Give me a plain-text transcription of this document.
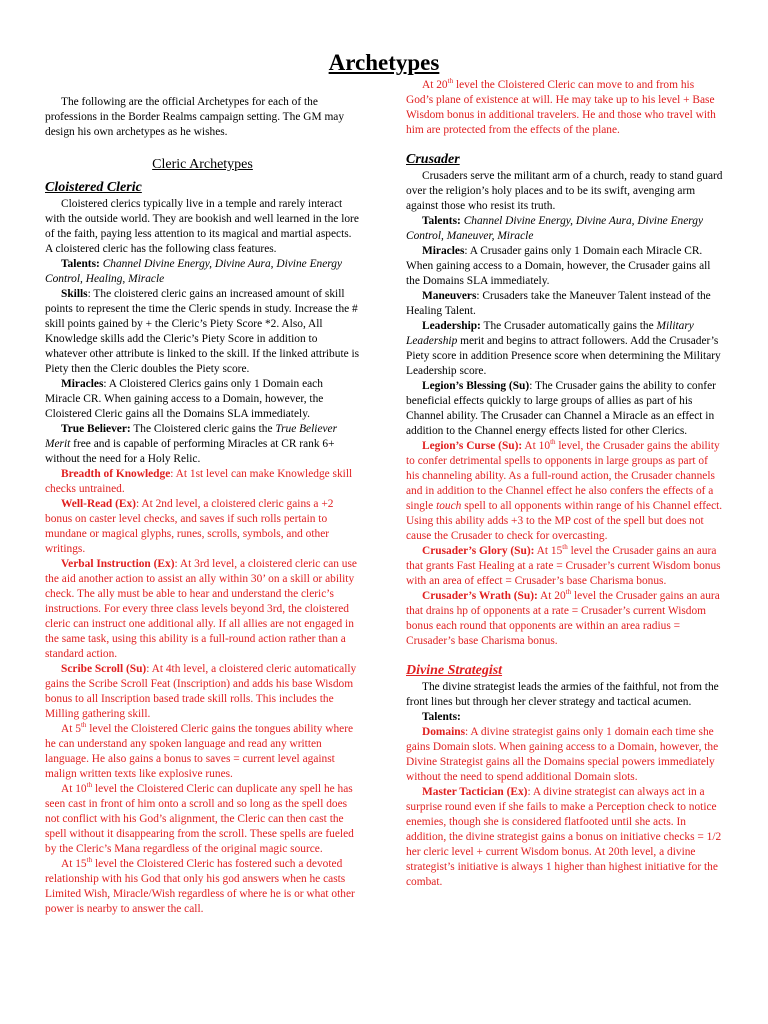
Archetypes

The following are the official Archetypes for each of the professions in the Border Realms campaign setting. The GM may design his own archetypes as he wishes.

Cleric Archetypes
Cloistered Cleric

Cloistered clerics typically live in a temple and rarely interact with the outside world. They are bookish and well learned in the lore of the faith, paying less attention to its magical and martial aspects. A cloistered cleric has the following class features.

Talents: Channel Divine Energy, Divine Aura, Divine Energy Control, Healing, Miracle

Skills: The cloistered cleric gains an increased amount of skill points to represent the time the Cleric spends in study. Increase the # skill points gained by + the Cleric’s Piety Score *2. Also, All Knowledge skills add the Cleric’s Piety Score in addition to whatever other attribute is linked to the skill. If the linked attribute is Piety then the Cleric doubles the Piety score.

Miracles: A Cloistered Clerics gains only 1 Domain each Miracle CR. When gaining access to a Domain, however, the Cloistered Cleric gains all the Domains SLA immediately.

True Believer: The Cloistered cleric gains the True Believer Merit free and is capable of performing Miracles at CR rank 6+ without the need for a Holy Relic.

Breadth of Knowledge: At 1st level can make Knowledge skill checks untrained.

Well-Read (Ex): At 2nd level, a cloistered cleric gains a +2 bonus on caster level checks, and saves if such rolls pertain to mundane or magical glyphs, runes, scrolls, symbols, and other writings.

Verbal Instruction (Ex): At 3rd level, a cloistered cleric can use the aid another action to assist an ally within 30’ on a skill or ability check. The ally must be able to hear and understand the cleric’s instructions. For every three class levels beyond 3rd, the cloistered cleric can instruct one additional ally. If all allies are not engaged in the same task, using this ability is a full-round action rather than a standard action.

Scribe Scroll (Su): At 4th level, a cloistered cleric automatically gains the Scribe Scroll Feat (Inscription) and adds his base Wisdom bonus to all Inscription based trade skill rolls. This includes the Milling gathering skill.

At 5th level the Cloistered Cleric gains the tongues ability where he can understand any spoken language and read any written language. He also gains a bonus to saves = current level against malign written texts like explosive runes.

At 10th level the Cloistered Cleric can duplicate any spell he has seen cast in front of him onto a scroll and so long as the spell does not conflict with his God’s alignment, the Cleric can then cast the spell without it disappearing from the scroll. These spells are fueled by the Cleric’s Mana regardless of the original magic source.

At 15th level the Cloistered Cleric has fostered such a devoted relationship with his God that only his god answers when he casts Limited Wish, Miracle/Wish regardless of where he is or what other power is nearby to answer the call.

At 20th level the Cloistered Cleric can move to and from his God’s plane of existence at will. He may take up to his level + Base Wisdom bonus in additional travelers. He and those who travel with him are protected from the effects of the plane.

Crusader

Crusaders serve the militant arm of a church, ready to stand guard over the religion’s holy places and to be its swift, avenging arm against those who resist its truth.

Talents: Channel Divine Energy, Divine Aura, Divine Energy Control, Maneuver, Miracle

Miracles: A Crusader gains only 1 Domain each Miracle CR. When gaining access to a Domain, however, the Crusader gains all the Domains SLA immediately.

Maneuvers: Crusaders take the Maneuver Talent instead of the Healing Talent.

Leadership: The Crusader automatically gains the Military Leadership merit and begins to attract followers. Add the Crusader’s Piety score in addition Presence score when determining the Military Leadership score.

Legion’s Blessing (Su): The Crusader gains the ability to confer beneficial effects quickly to large groups of allies as part of his Channel ability. The Crusader can Channel a Miracle as an effect in addition to the Channel energy effects listed for other Clerics.

Legion’s Curse (Su): At 10th level, the Crusader gains the ability to confer detrimental spells to opponents in large groups as part of his channeling ability. As a full-round action, the Crusader channels and in addition to the Channel effect he also confers the effects of a single touch spell to all opponents within range of his Channel effect. Using this ability adds +3 to the MP cost of the spell but does not cause the Crusader to check for overcasting.

Crusader’s Glory (Su): At 15th level the Crusader gains an aura that grants Fast Healing at a rate = Crusader’s current Wisdom bonus with an area of effect = Crusader’s base Charisma bonus.

Crusader’s Wrath (Su): At 20th level the Crusader gains an aura that drains hp of opponents at a rate = Crusader’s current Wisdom bonus each round that opponents are within an area radius = Crusader’s base Charisma bonus.

Divine Strategist

The divine strategist leads the armies of the faithful, not from the front lines but through her clever strategy and tactical acumen.

Talents:

Domains: A divine strategist gains only 1 domain each time she gains Domain slots. When gaining access to a Domain, however, the Divine Strategist gains all the Domains special powers immediately without the need to spend additional Domain slots.

Master Tactician (Ex): A divine strategist can always act in a surprise round even if she fails to make a Perception check to notice enemies, though she is considered flatfooted until she acts. In addition, the divine strategist gains a bonus on initiative checks = 1/2 her cleric level + current Wisdom bonus. At 20th level, a divine strategist’s initiative is always 1 higher than highest initiative for the combat.
